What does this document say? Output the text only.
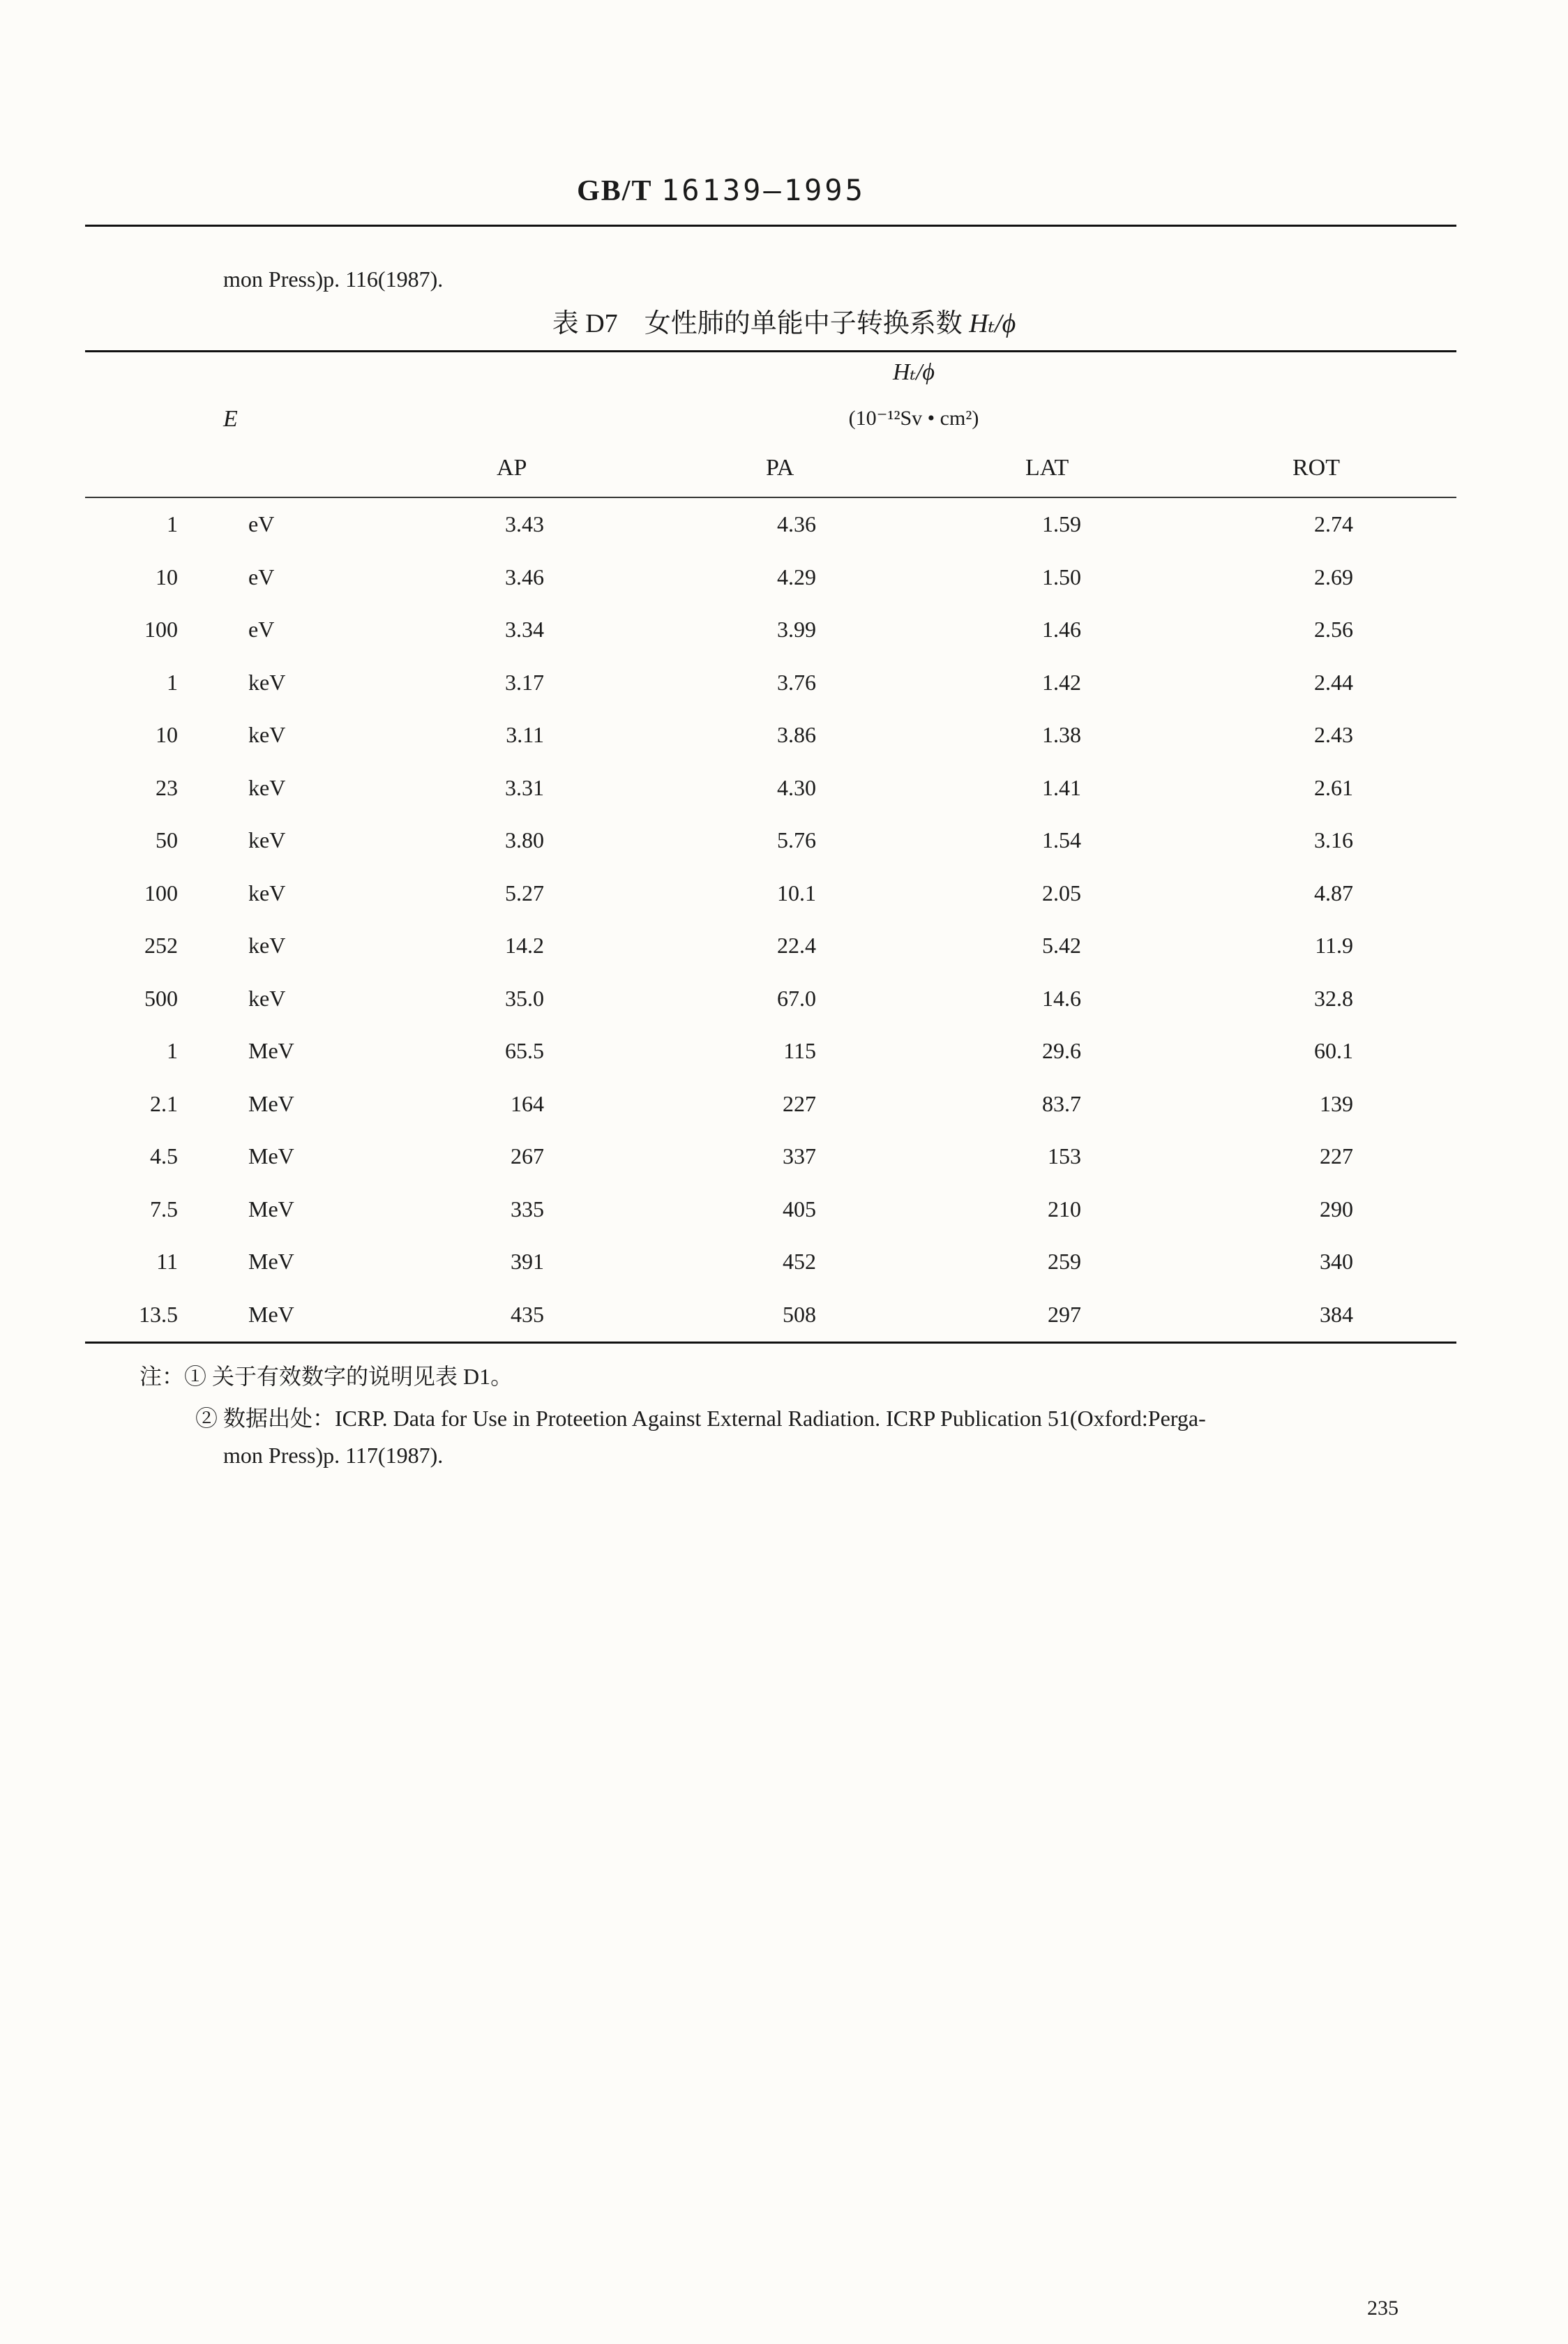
GB/T 16139—1995
mon Press)p. 116(1987).
表 D7 女性肺的单能中子转换系数 Hₜ/ϕ
Hₜ/ϕ
(10⁻¹²Sv • cm²)
E
AP	PA	LAT	ROT
1	eV	3.43	4.36	1.59	2.74
10	eV	3.46	4.29	1.50	2.69
100	eV	3.34	3.99	1.46	2.56
1	keV	3.17	3.76	1.42	2.44
10	keV	3.11	3.86	1.38	2.43
23	keV	3.31	4.30	1.41	2.61
50	keV	3.80	5.76	1.54	3.16
100	keV	5.27	10.1	2.05	4.87
252	keV	14.2	22.4	5.42	11.9
500	keV	35.0	67.0	14.6	32.8
1	MeV	65.5	115	29.6	60.1
2.1	MeV	164	227	83.7	139
4.5	MeV	267	337	153	227
7.5	MeV	335	405	210	290
11	MeV	391	452	259	340
13.5	MeV	435	508	297	384
注：① 关于有效数字的说明见表 D1。
② 数据出处：ICRP. Data for Use in Proteetion Against External Radiation. ICRP Publication 51(Oxford:Perga-
mon Press)p. 117(1987).
235
